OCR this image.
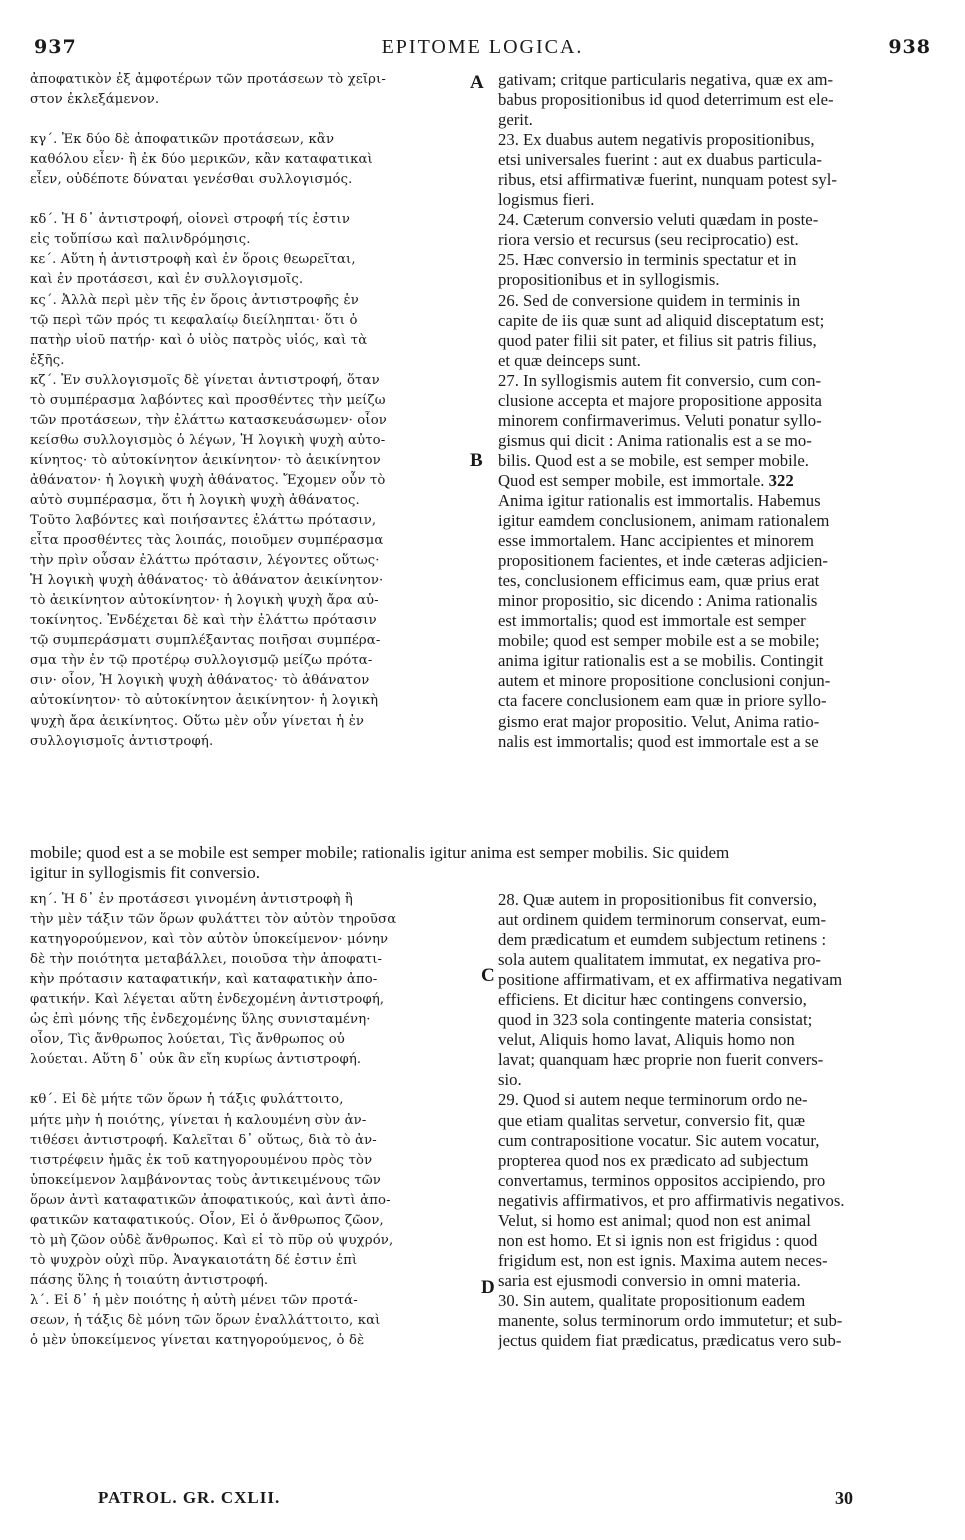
937	EPITOME LOGICA.	938
A
B
C
D
ἀποφατικὸν ἐξ ἀμφοτέρων τῶν προτάσεων τὸ χεῖρι-
στον ἐκλεξάμενον.

κγ΄. Ἐκ δύο δὲ ἀποφατικῶν προτάσεων, κἂν
καθόλου εἶεν· ἢ ἐκ δύο μερικῶν, κἂν καταφατικαὶ
εἶεν, οὐδέποτε δύναται γενέσθαι συλλογισμός.

κδ΄. Ἡ δ᾽ ἀντιστροφή, οἱονεὶ στροφή τίς ἐστιν
εἰς τοὔπίσω καὶ παλινδρόμησις.
κε΄. Αὕτη ἡ ἀντιστροφὴ καὶ ἐν ὅροις θεωρεῖται,
καὶ ἐν προτάσεσι, καὶ ἐν συλλογισμοῖς.
κς΄. Ἀλλὰ περὶ μὲν τῆς ἐν ὅροις ἀντιστροφῆς ἐν
τῷ περὶ τῶν πρός τι κεφαλαίῳ διείληπται· ὅτι ὁ
πατὴρ υἱοῦ πατήρ· καὶ ὁ υἱὸς πατρὸς υἱός, καὶ τὰ
ἑξῆς.
κζ΄. Ἐν συλλογισμοῖς δὲ γίνεται ἀντιστροφή, ὅταν
τὸ συμπέρασμα λαβόντες καὶ προσθέντες τὴν μείζω
τῶν προτάσεων, τὴν ἐλάττω κατασκευάσωμεν· οἷον
κείσθω συλλογισμὸς ὁ λέγων, Ἡ λογικὴ ψυχὴ αὐτο-
κίνητος· τὸ αὐτοκίνητον ἀεικίνητον· τὸ ἀεικίνητον
ἀθάνατον· ἡ λογικὴ ψυχὴ ἀθάνατος. Ἔχομεν οὖν τὸ
αὐτὸ συμπέρασμα, ὅτι ἡ λογικὴ ψυχὴ ἀθάνατος.
Τοῦτο λαβόντες καὶ ποιήσαντες ἐλάττω πρότασιν,
εἶτα προσθέντες τὰς λοιπάς, ποιοῦμεν συμπέρασμα
τὴν πρὶν οὖσαν ἐλάττω πρότασιν, λέγοντες οὕτως·
Ἡ λογικὴ ψυχὴ ἀθάνατος· τὸ ἀθάνατον ἀεικίνητον·
τὸ ἀεικίνητον αὐτοκίνητον· ἡ λογικὴ ψυχὴ ἄρα αὐ-
τοκίνητος. Ἐνδέχεται δὲ καὶ τὴν ἐλάττω πρότασιν
τῷ συμπεράσματι συμπλέξαντας ποιῆσαι συμπέρα-
σμα τὴν ἐν τῷ προτέρῳ συλλογισμῷ μείζω πρότα-
σιν· οἷον, Ἡ λογικὴ ψυχὴ ἀθάνατος· τὸ ἀθάνατον
αὐτοκίνητον· τὸ αὐτοκίνητον ἀεικίνητον· ἡ λογικὴ
ψυχὴ ἄρα ἀεικίνητος. Οὕτω μὲν οὖν γίνεται ἡ ἐν
συλλογισμοῖς ἀντιστροφή.
gativam; critque particularis negativa, quæ ex am-
babus propositionibus id quod deterrimum est ele-
gerit.
23. Ex duabus autem negativis propositionibus,
etsi universales fuerint : aut ex duabus particula-
ribus, etsi affirmativæ fuerint, nunquam potest syl-
logismus fieri.
24. Cæterum conversio veluti quædam in poste-
riora versio et recursus (seu reciprocatio) est.
25. Hæc conversio in terminis spectatur et in
propositionibus et in syllogismis.
26. Sed de conversione quidem in terminis in
capite de iis quæ sunt ad aliquid disceptatum est;
quod pater filii sit pater, et filius sit patris filius,
et quæ deinceps sunt.
27. In syllogismis autem fit conversio, cum con-
clusione accepta et majore propositione apposita
minorem confirmaverimus. Veluti ponatur syllo-
gismus qui dicit : Anima rationalis est a se mo-
bilis. Quod est a se mobile, est semper mobile.
Quod est semper mobile, est immortale. 322
Anima igitur rationalis est immortalis. Habemus
igitur eamdem conclusionem, animam rationalem
esse immortalem. Hanc accipientes et minorem
propositionem facientes, et inde cæteras adjicien-
tes, conclusionem efficimus eam, quæ prius erat
minor propositio, sic dicendo : Anima rationalis
est immortalis; quod est immortale est semper
mobile; quod est semper mobile est a se mobile;
anima igitur rationalis est a se mobilis. Contingit
autem et minore propositione conclusioni conjun-
cta facere conclusionem eam quæ in priore syllo-
gismo erat major propositio. Velut, Anima ratio-
nalis est immortalis; quod est immortale est a se
mobile; quod est a se mobile est semper mobile; rationalis igitur anima est semper mobilis. Sic quidem
igitur in syllogismis fit conversio.
κη΄. Ἡ δ᾽ ἐν προτάσεσι γινομένη ἀντιστροφὴ ἢ
τὴν μὲν τάξιν τῶν ὅρων φυλάττει τὸν αὐτὸν τηροῦσα
κατηγορούμενον, καὶ τὸν αὐτὸν ὑποκείμενον· μόνην
δὲ τὴν ποιότητα μεταβάλλει, ποιοῦσα τὴν ἀποφατι-
κὴν πρότασιν καταφατικήν, καὶ καταφατικὴν ἀπο-
φατικήν. Καὶ λέγεται αὕτη ἐνδεχομένη ἀντιστροφή,
ὡς ἐπὶ μόνης τῆς ἐνδεχομένης ὕλης συνισταμένη·
οἷον, Τὶς ἄνθρωπος λούεται, Τὶς ἄνθρωπος οὐ
λούεται. Αὕτη δ᾽ οὐκ ἂν εἴη κυρίως ἀντιστροφή.

κθ΄. Εἰ δὲ μήτε τῶν ὅρων ἡ τάξις φυλάττοιτο,
μήτε μὴν ἡ ποιότης, γίνεται ἡ καλουμένη σὺν ἀν-
τιθέσει ἀντιστροφή. Καλεῖται δ᾽ οὕτως, διὰ τὸ ἀν-
τιστρέφειν ἡμᾶς ἐκ τοῦ κατηγορουμένου πρὸς τὸν
ὑποκείμενον λαμβάνοντας τοὺς ἀντικειμένους τῶν
ὅρων ἀντὶ καταφατικῶν ἀποφατικούς, καὶ ἀντὶ ἀπο-
φατικῶν καταφατικούς. Οἷον, Εἰ ὁ ἄνθρωπος ζῶον,
τὸ μὴ ζῶον οὐδὲ ἄνθρωπος. Καὶ εἰ τὸ πῦρ οὐ ψυχρόν,
τὸ ψυχρὸν οὐχὶ πῦρ. Ἀναγκαιοτάτη δέ ἐστιν ἐπὶ
πάσης ὕλης ἡ τοιαύτη ἀντιστροφή.
λ΄. Εἰ δ᾽ ἡ μὲν ποιότης ἡ αὐτὴ μένει τῶν προτά-
σεων, ἡ τάξις δὲ μόνη τῶν ὅρων ἐναλλάττοιτο, καὶ
ὁ μὲν ὑποκείμενος γίνεται κατηγορούμενος, ὁ δὲ
28. Quæ autem in propositionibus fit conversio,
aut ordinem quidem terminorum conservat, eum-
dem prædicatum et eumdem subjectum retinens :
sola autem qualitatem immutat, ex negativa pro-
positione affirmativam, et ex affirmativa negativam
efficiens. Et dicitur hæc contingens conversio,
quod in 323 sola contingente materia consistat;
velut, Aliquis homo lavat, Aliquis homo non
lavat; quanquam hæc proprie non fuerit convers-
sio.
29. Quod si autem neque terminorum ordo ne-
que etiam qualitas servetur, conversio fit, quæ
cum contrapositione vocatur. Sic autem vocatur,
propterea quod nos ex prædicato ad subjectum
convertamus, terminos oppositos accipiendo, pro
negativis affirmativos, et pro affirmativis negativos.
Velut, si homo est animal; quod non est animal
non est homo. Et si ignis non est frigidus : quod
frigidum est, non est ignis. Maxima autem neces-
saria est ejusmodi conversio in omni materia.
30. Sin autem, qualitate propositionum eadem
manente, solus terminorum ordo immutetur; et sub-
jectus quidem fiat prædicatus, prædicatus vero sub-
PATROL. GR. CXLII.	30
